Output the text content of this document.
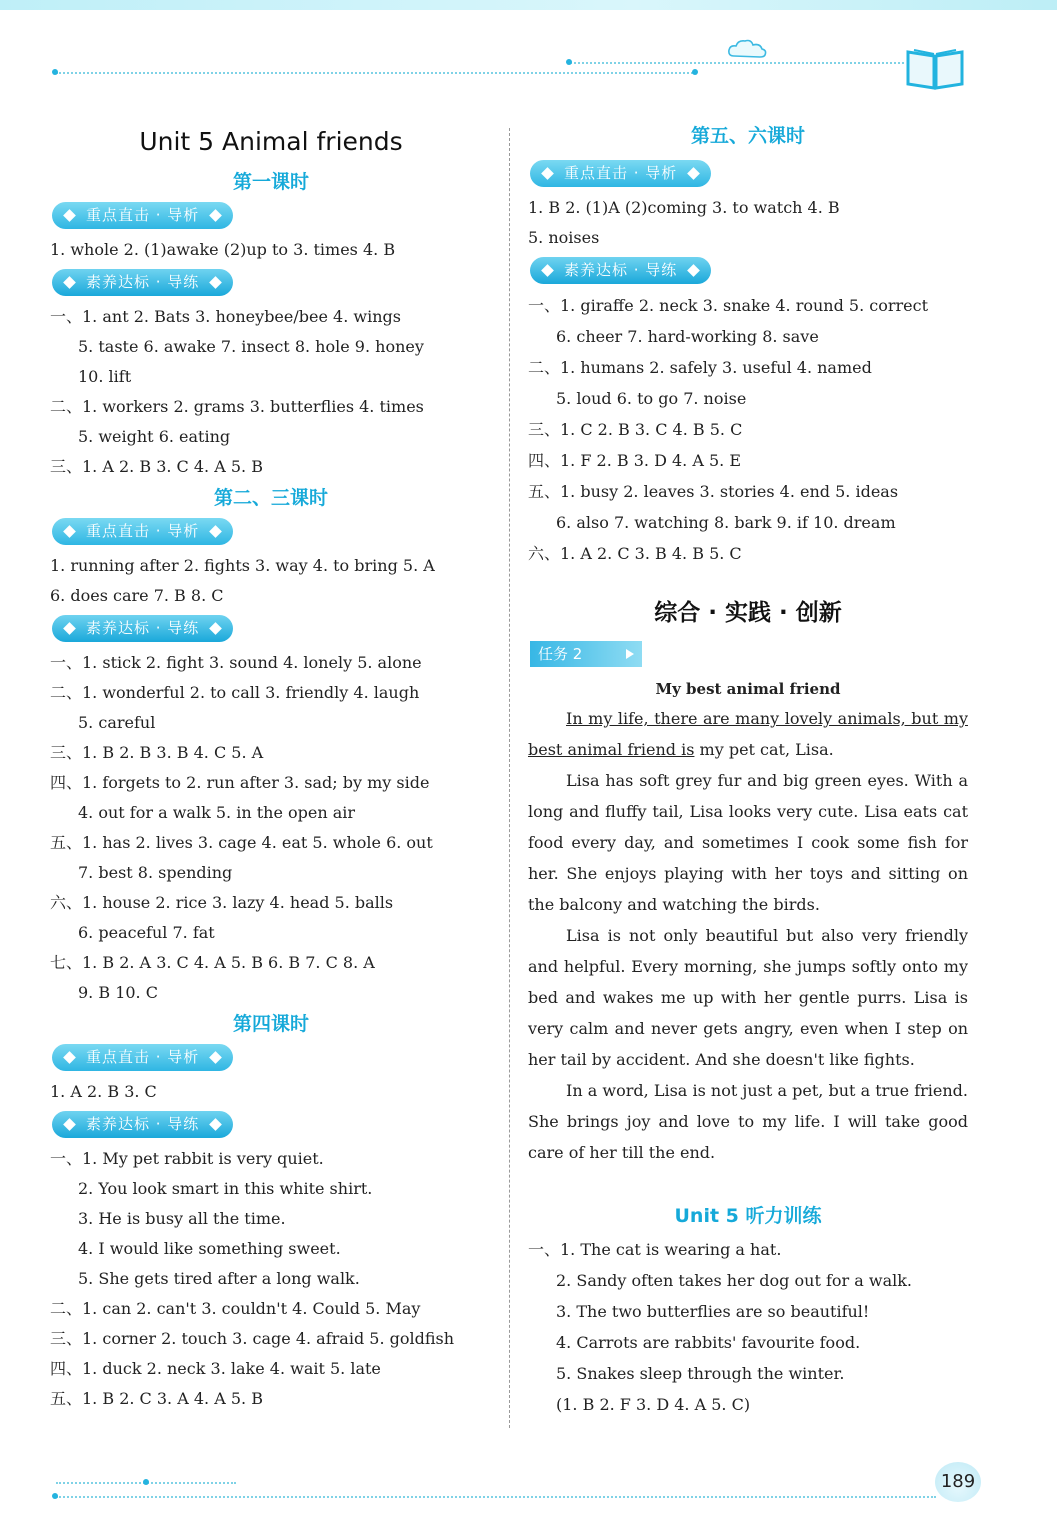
Unit 5 Animal friends
第一课时
重点直击 · 导析
1. whole 2. (1)awake (2)up to 3. times 4. B
素养达标 · 导练
一、1. ant 2. Bats 3. honeybee/bee 4. wings
5. taste 6. awake 7. insect 8. hole 9. honey
10. lift
二、1. workers 2. grams 3. butterflies 4. times
5. weight 6. eating
三、1. A 2. B 3. C 4. A 5. B
第二、三课时
重点直击 · 导析
1. running after 2. fights 3. way 4. to bring 5. A
6. does care 7. B 8. C
素养达标 · 导练
一、1. stick 2. fight 3. sound 4. lonely 5. alone
二、1. wonderful 2. to call 3. friendly 4. laugh
5. careful
三、1. B 2. B 3. B 4. C 5. A
四、1. forgets to 2. run after 3. sad; by my side
4. out for a walk 5. in the open air
五、1. has 2. lives 3. cage 4. eat 5. whole 6. out
7. best 8. spending
六、1. house 2. rice 3. lazy 4. head 5. balls
6. peaceful 7. fat
七、1. B 2. A 3. C 4. A 5. B 6. B 7. C 8. A
9. B 10. C
第四课时
重点直击 · 导析
1. A 2. B 3. C
素养达标 · 导练
一、1. My pet rabbit is very quiet.
2. You look smart in this white shirt.
3. He is busy all the time.
4. I would like something sweet.
5. She gets tired after a long walk.
二、1. can 2. can't 3. couldn't 4. Could 5. May
三、1. corner 2. touch 3. cage 4. afraid 5. goldfish
四、1. duck 2. neck 3. lake 4. wait 5. late
五、1. B 2. C 3. A 4. A 5. B
第五、六课时
重点直击 · 导析
1. B 2. (1)A (2)coming 3. to watch 4. B
5. noises
素养达标 · 导练
一、1. giraffe 2. neck 3. snake 4. round 5. correct
6. cheer 7. hard-working 8. save
二、1. humans 2. safely 3. useful 4. named
5. loud 6. to go 7. noise
三、1. C 2. B 3. C 4. B 5. C
四、1. F 2. B 3. D 4. A 5. E
五、1. busy 2. leaves 3. stories 4. end 5. ideas
6. also 7. watching 8. bark 9. if 10. dream
六、1. A 2. C 3. B 4. B 5. C
综合 · 实践 · 创新
任务 2
My best animal friend

In my life, there are many lovely animals, but my best animal friend is my pet cat, Lisa.

Lisa has soft grey fur and big green eyes. With a long and fluffy tail, Lisa looks very cute. Lisa eats cat food every day, and sometimes I cook some fish for her. She enjoys playing with her toys and sitting on the balcony and watching the birds.

Lisa is not only beautiful but also very friendly and helpful. Every morning, she jumps softly onto my bed and wakes me up with her gentle purrs. Lisa is very calm and never gets angry, even when I step on her tail by accident. And she doesn't like fights.

In a word, Lisa is not just a pet, but a true friend. She brings joy and love to my life. I will take good care of her till the end.

Unit 5 听力训练
一、1. The cat is wearing a hat.
2. Sandy often takes her dog out for a walk.
3. The two butterflies are so beautiful!
4. Carrots are rabbits' favourite food.
5. Snakes sleep through the winter.
(1. B 2. F 3. D 4. A 5. C)
189
